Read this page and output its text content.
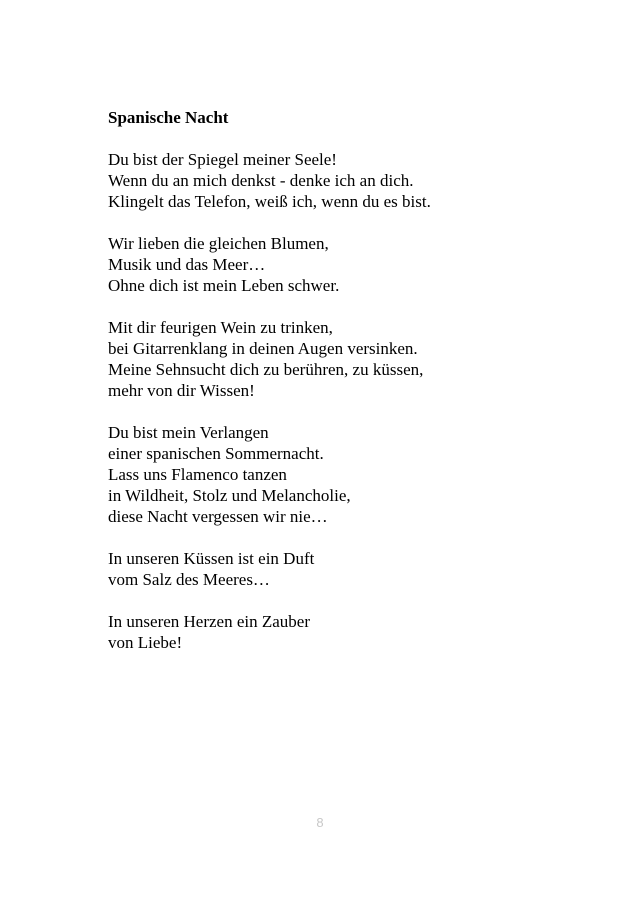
Spanische Nacht
Du bist der Spiegel meiner Seele!
Wenn du an mich denkst - denke ich an dich.
Klingelt das Telefon, weiß ich, wenn du es bist.
Wir lieben die gleichen Blumen,
Musik und das Meer…
Ohne dich ist mein Leben schwer.
Mit dir feurigen Wein zu trinken,
bei Gitarrenklang in deinen Augen versinken.
Meine Sehnsucht dich zu berühren, zu küssen,
mehr von dir Wissen!
Du bist mein Verlangen
einer spanischen Sommernacht.
Lass uns Flamenco tanzen
in Wildheit, Stolz und Melancholie,
diese Nacht vergessen wir nie…
In unseren Küssen ist ein Duft
vom Salz des Meeres…
In unseren Herzen ein Zauber
von Liebe!
8
